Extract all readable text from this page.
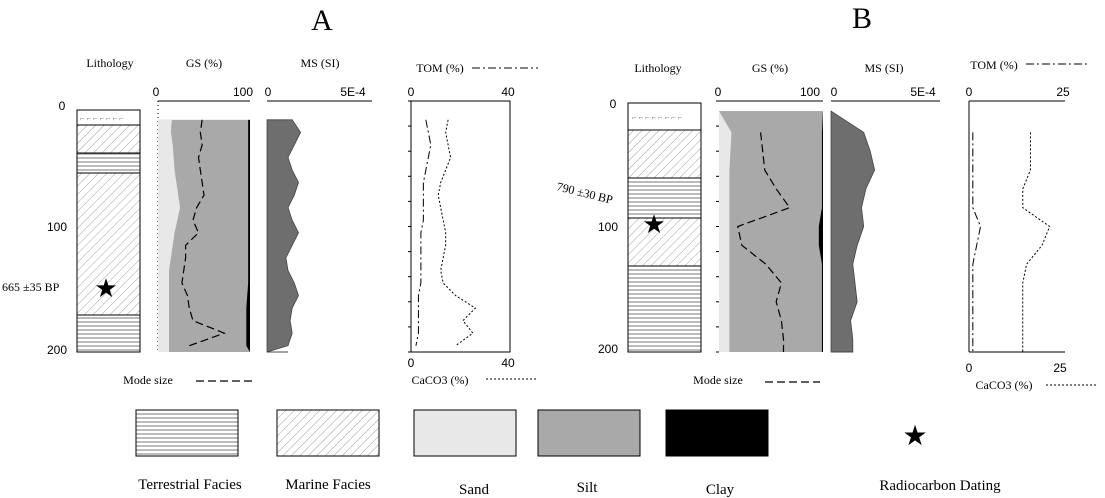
A
Lithology	GS (%)	MS (SI)	TOM (%)
0
100
200
⌐ ⌐ ⌐ ⌐ ⌐ ⌐ ⌐
665 ±35 BP ★
0	100 0	5E-4	0	40
0	40
CaCO3 (%)
Mode size
B
Lithology	GS (%)	MS (SI)	TOM (%)
0
100
200
⌐ ⌐ ⌐ ⌐ ⌐ ⌐ ⌐ ⌐
790 ±30 BP
★
0	100 0	5E-4 0	25
0	25
CaCO3 (%)
Mode size
★
Terrestrial Facies	Marine Facies	Sand	Silt	Clay	Radiocarbon Dating
